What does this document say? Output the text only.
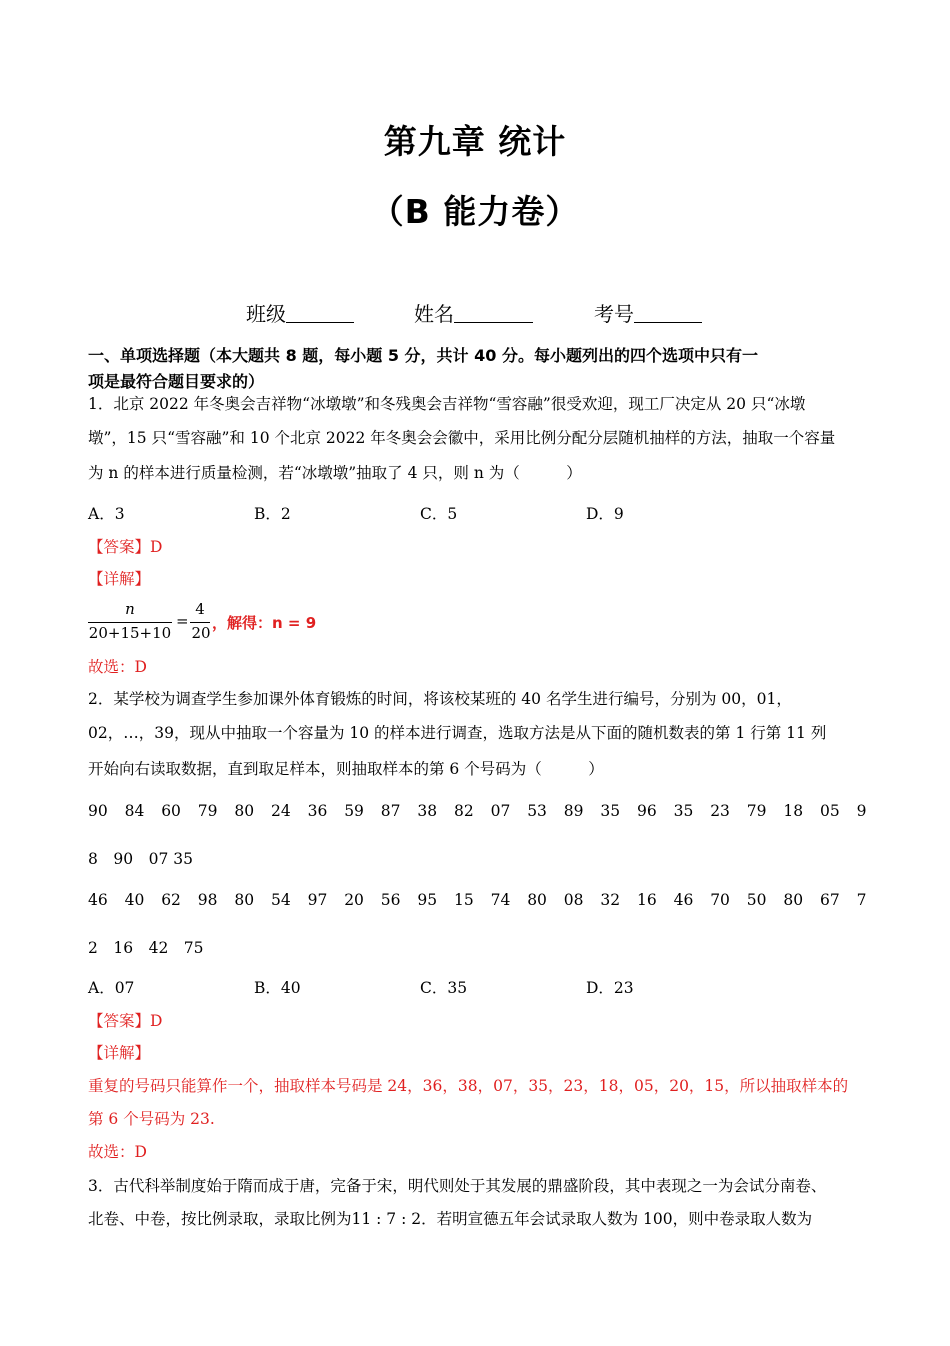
第九章 统计
（B 能力卷）
班级	姓名	考号
一、单项选择题（本大题共 8 题，每小题 5 分，共计 40 分。每小题列出的四个选项中只有一
项是最符合题目要求的）
1．北京 2022 年冬奥会吉祥物“冰墩墩”和冬残奥会吉祥物“雪容融”很受欢迎，现工厂决定从 20 只“冰墩
墩”，15 只“雪容融”和 10 个北京 2022 年冬奥会会徽中，采用比例分配分层随机抽样的方法，抽取一个容量
为 n 的样本进行质量检测，若“冰墩墩”抽取了 4 只，则 n 为（　　　）
A．3	B．2	C．5	D．9
【答案】D
【详解】
n
20+15+10
=
4
20
，解得：n = 9
故选：D
2．某学校为调查学生参加课外体育锻炼的时间，将该校某班的 40 名学生进行编号，分别为 00，01，
02，…，39，现从中抽取一个容量为 10 的样本进行调查，选取方法是从下面的随机数表的第 1 行第 11 列
开始向右读取数据，直到取足样本，则抽取样本的第 6 个号码为（　　　）
90 84 60 79 80 24 36 59 87 38 82 07 53 89 35 96 35 23 79 18 05 9
8　90　07 35
46 40 62 98 80 54 97 20 56 95 15 74 80 08 32 16 46 70 50 80 67 7
2　16　42　75
A．07	B．40	C．35	D．23
【答案】D
【详解】
重复的号码只能算作一个，抽取样本号码是 24，36，38，07，35，23，18，05，20，15，所以抽取样本的
第 6 个号码为 23.
故选：D
3．古代科举制度始于隋而成于唐，完备于宋，明代则处于其发展的鼎盛阶段，其中表现之一为会试分南卷、
北卷、中卷，按比例录取，录取比例为11 : 7 : 2．若明宣德五年会试录取人数为 100，则中卷录取人数为
